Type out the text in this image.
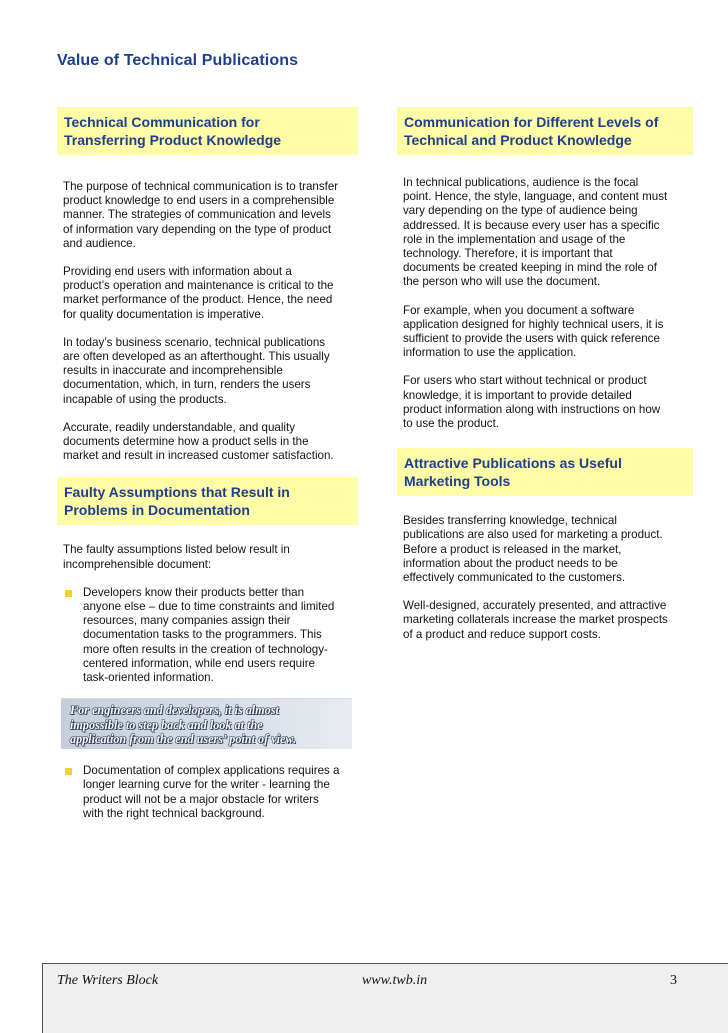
Value of Technical Publications
Technical Communication for
Transferring Product Knowledge

The purpose of technical communication is to transfer
product knowledge to end users in a comprehensible
manner. The strategies of communication and levels
of information vary depending on the type of product
and audience.

Providing end users with information about a
product’s operation and maintenance is critical to the
market performance of the product. Hence, the need
for quality documentation is imperative.

In today’s business scenario, technical publications
are often developed as an afterthought. This usually
results in inaccurate and incomprehensible
documentation, which, in turn, renders the users
incapable of using the products.

Accurate, readily understandable, and quality
documents determine how a product sells in the
market and result in increased customer satisfaction.

Faulty Assumptions that Result in
Problems in Documentation

The faulty assumptions listed below result in
incomprehensible document:

Developers know their products better than
anyone else – due to time constraints and limited
resources, many companies assign their
documentation tasks to the programmers. This
more often results in the creation of technology-
centered information, while end users require
task-oriented information.
For engineers and developers, it is almost
impossible to step back and look at the
application from the end users’ point of view.
Documentation of complex applications requires a
longer learning curve for the writer - learning the
product will not be a major obstacle for writers
with the right technical background.
Communication for Different Levels of
Technical and Product Knowledge

In technical publications, audience is the focal
point. Hence, the style, language, and content must
vary depending on the type of audience being
addressed. It is because every user has a specific
role in the implementation and usage of the
technology. Therefore, it is important that
documents be created keeping in mind the role of
the person who will use the document.

For example, when you document a software
application designed for highly technical users, it is
sufficient to provide the users with quick reference
information to use the application.

For users who start without technical or product
knowledge, it is important to provide detailed
product information along with instructions on how
to use the product.

Attractive Publications as Useful
Marketing Tools

Besides transferring knowledge, technical
publications are also used for marketing a product.
Before a product is released in the market,
information about the product needs to be
effectively communicated to the customers.

Well-designed, accurately presented, and attractive
marketing collaterals increase the market prospects
of a product and reduce support costs.

The Writers Block	www.twb.in	3
